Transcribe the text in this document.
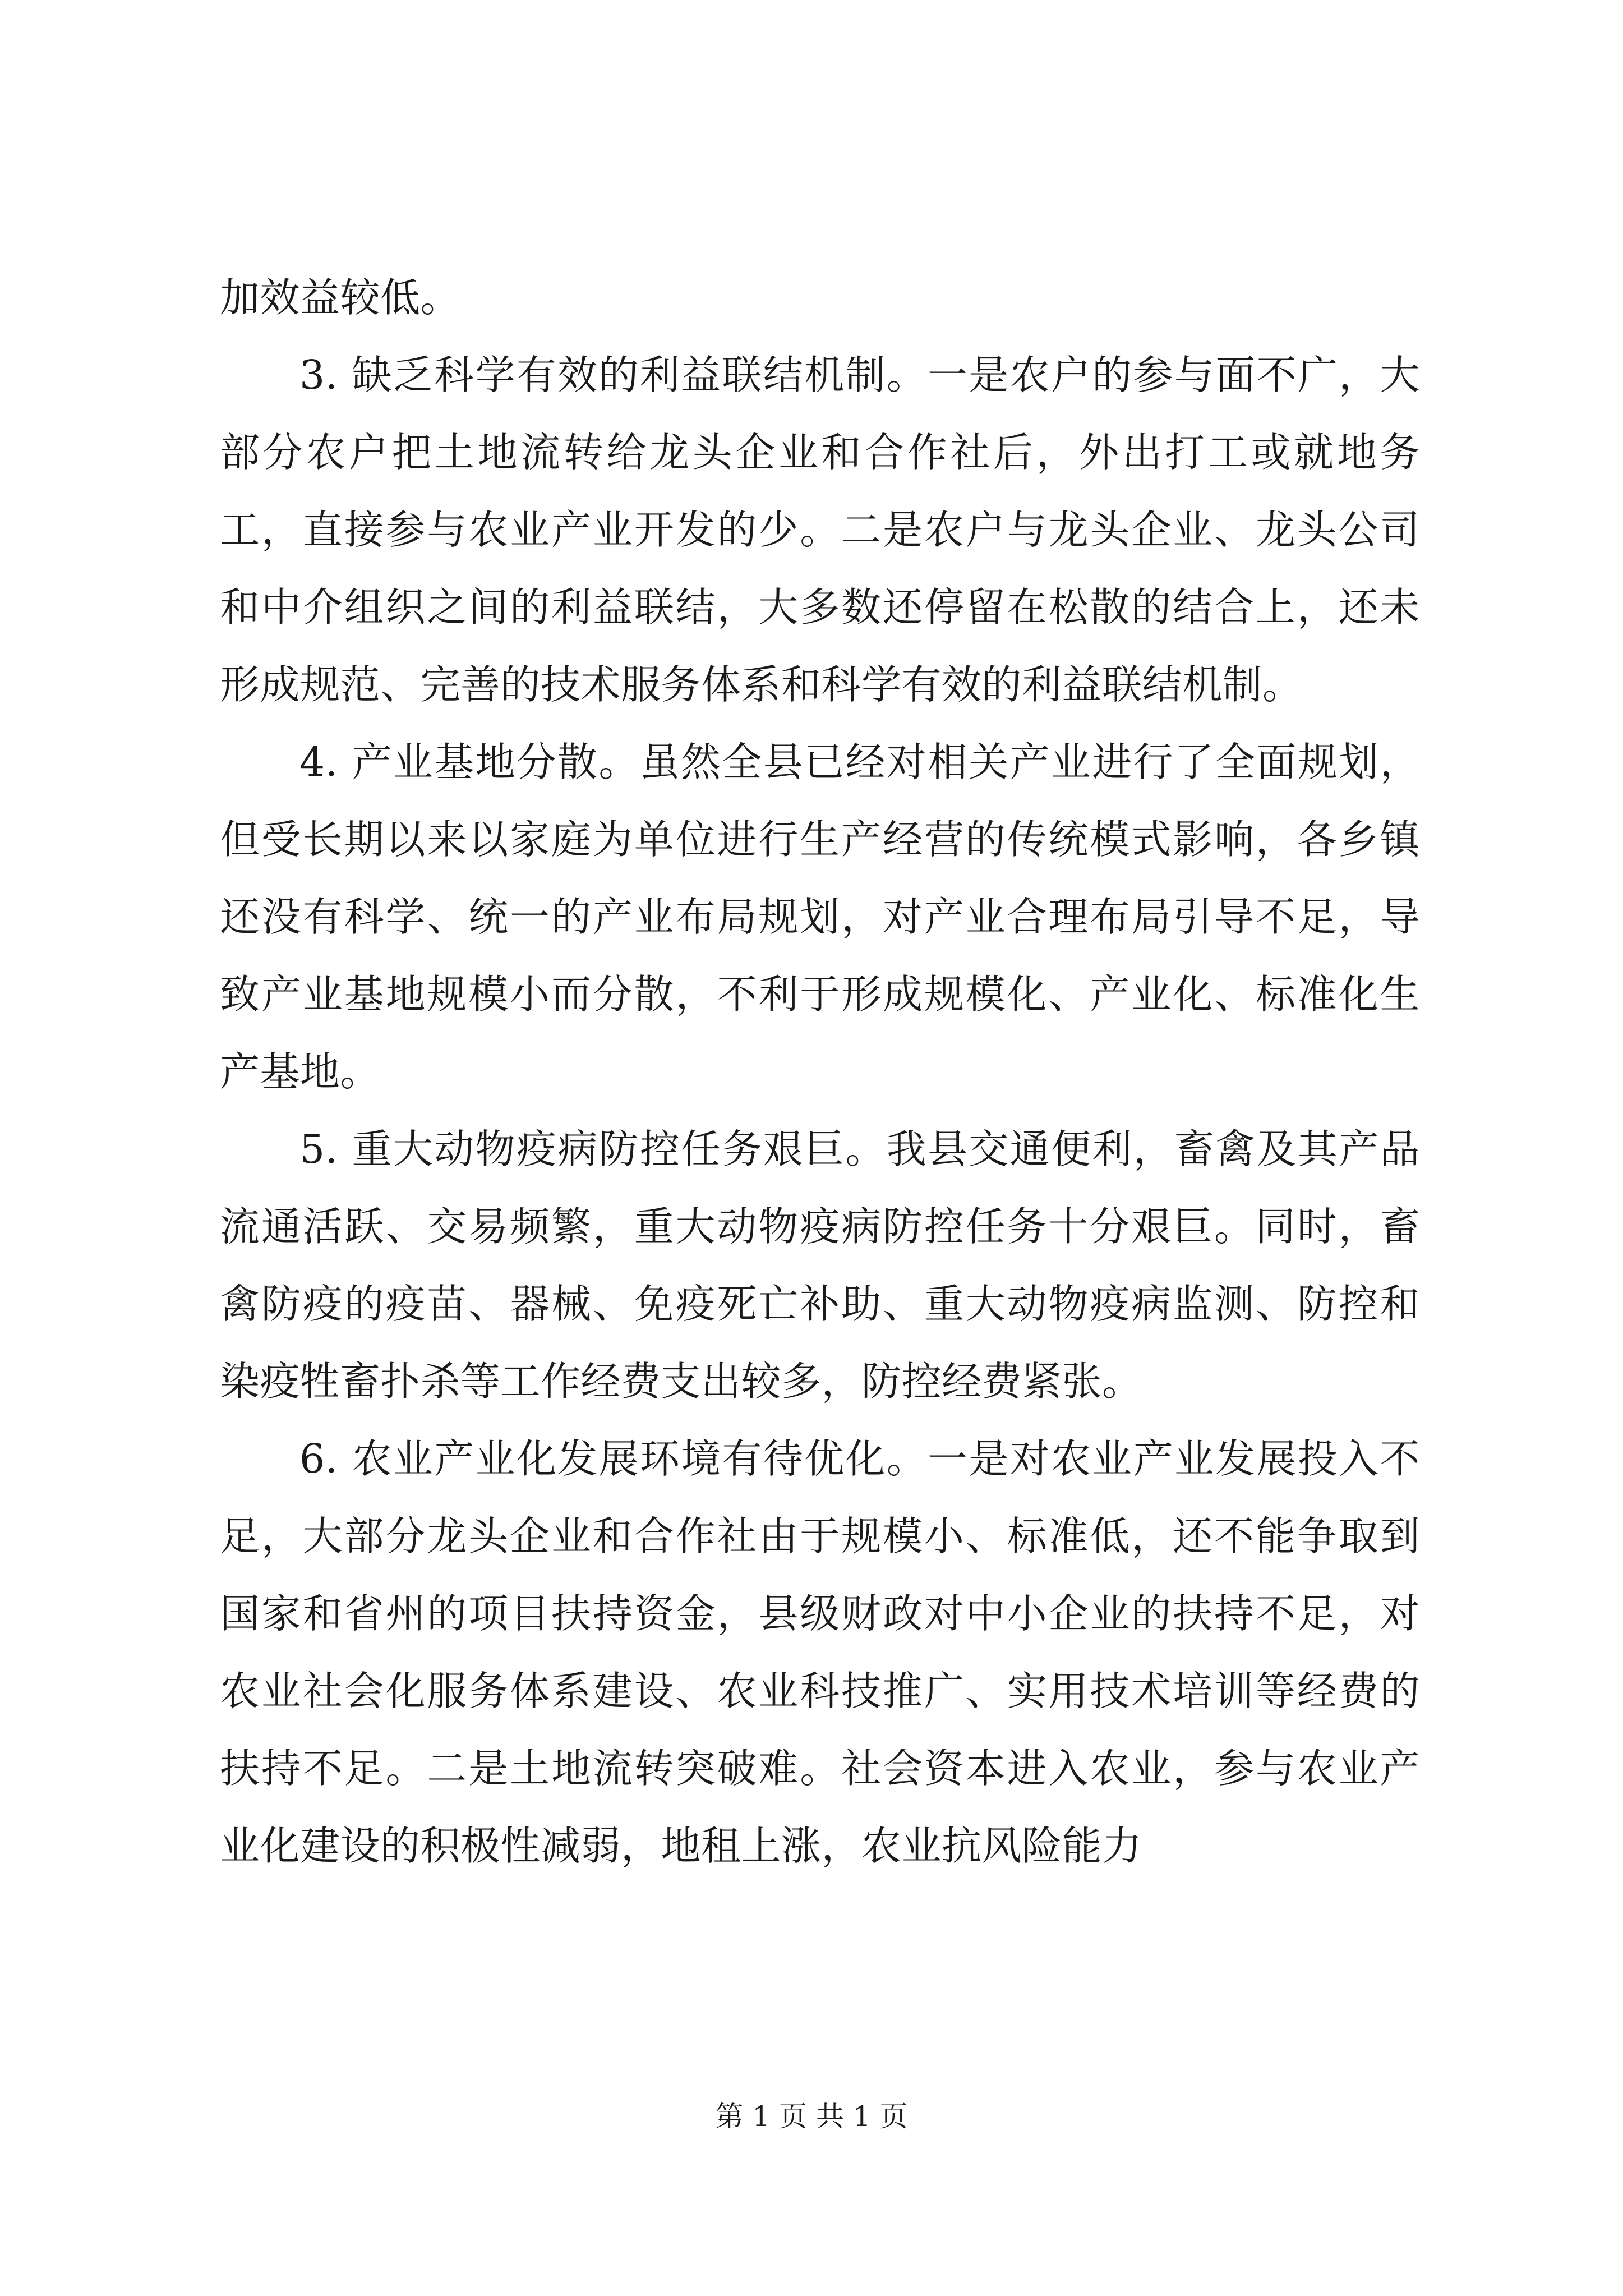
加效益较低。

3. 缺乏科学有效的利益联结机制。一是农户的参与面不广，大部分农户把土地流转给龙头企业和合作社后，外出打工或就地务工，直接参与农业产业开发的少。二是农户与龙头企业、龙头公司和中介组织之间的利益联结，大多数还停留在松散的结合上，还未形成规范、完善的技术服务体系和科学有效的利益联结机制。

4. 产业基地分散。虽然全县已经对相关产业进行了全面规划，但受长期以来以家庭为单位进行生产经营的传统模式影响，各乡镇还没有科学、统一的产业布局规划，对产业合理布局引导不足，导致产业基地规模小而分散，不利于形成规模化、产业化、标准化生产基地。

5. 重大动物疫病防控任务艰巨。我县交通便利，畜禽及其产品流通活跃、交易频繁，重大动物疫病防控任务十分艰巨。同时，畜禽防疫的疫苗、器械、免疫死亡补助、重大动物疫病监测、防控和染疫牲畜扑杀等工作经费支出较多，防控经费紧张。

6. 农业产业化发展环境有待优化。一是对农业产业发展投入不足，大部分龙头企业和合作社由于规模小、标准低，还不能争取到国家和省州的项目扶持资金，县级财政对中小企业的扶持不足，对农业社会化服务体系建设、农业科技推广、实用技术培训等经费的扶持不足。二是土地流转突破难。社会资本进入农业，参与农业产业化建设的积极性减弱，地租上涨，农业抗风险能力

第 1 页 共 1 页
